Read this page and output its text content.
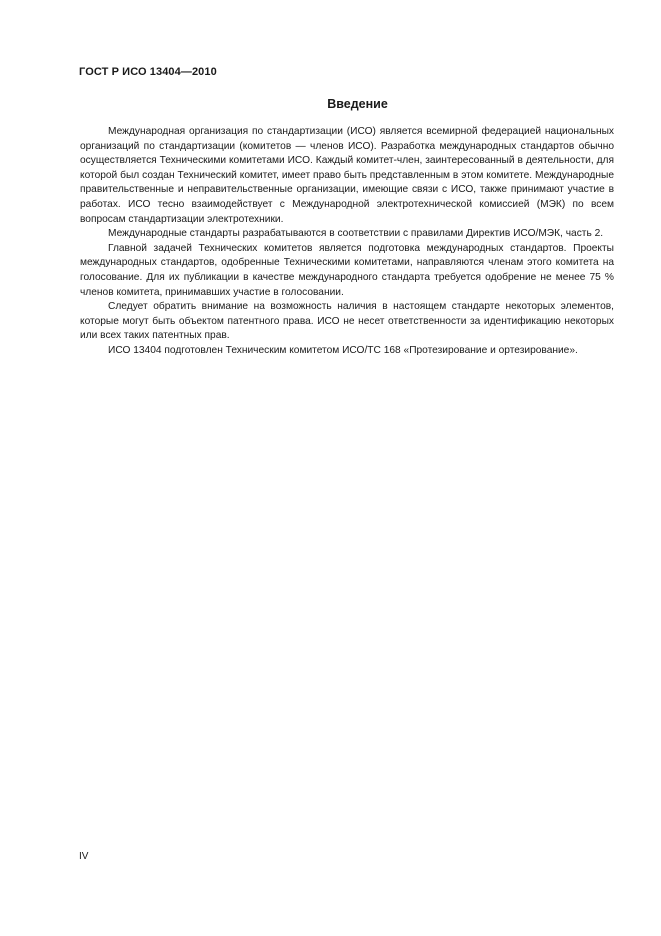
ГОСТ Р ИСО 13404—2010
Введение

Международная организация по стандартизации (ИСО) является всемирной федерацией национальных организаций по стандартизации (комитетов — членов ИСО). Разработка международных стандартов обычно осуществляется Техническими комитетами ИСО. Каждый комитет-член, заинтересованный в деятельности, для которой был создан Технический комитет, имеет право быть представленным в этом комитете. Международные правительственные и неправительственные организации, имеющие связи с ИСО, также принимают участие в работах. ИСО тесно взаимодействует с Международной электротехнической комиссией (МЭК) по всем вопросам стандартизации электротехники.

Международные стандарты разрабатываются в соответствии с правилами Директив ИСО/МЭК, часть 2.

Главной задачей Технических комитетов является подготовка международных стандартов. Проекты международных стандартов, одобренные Техническими комитетами, направляются членам этого комитета на голосование. Для их публикации в качестве международного стандарта требуется одобрение не менее 75 % членов комитета, принимавших участие в голосовании.

Следует обратить внимание на возможность наличия в настоящем стандарте некоторых элементов, которые могут быть объектом патентного права. ИСО не несет ответственности за идентификацию некоторых или всех таких патентных прав.

ИСО 13404 подготовлен Техническим комитетом ИСО/ТС 168 «Протезирование и ортезирование».

IV
